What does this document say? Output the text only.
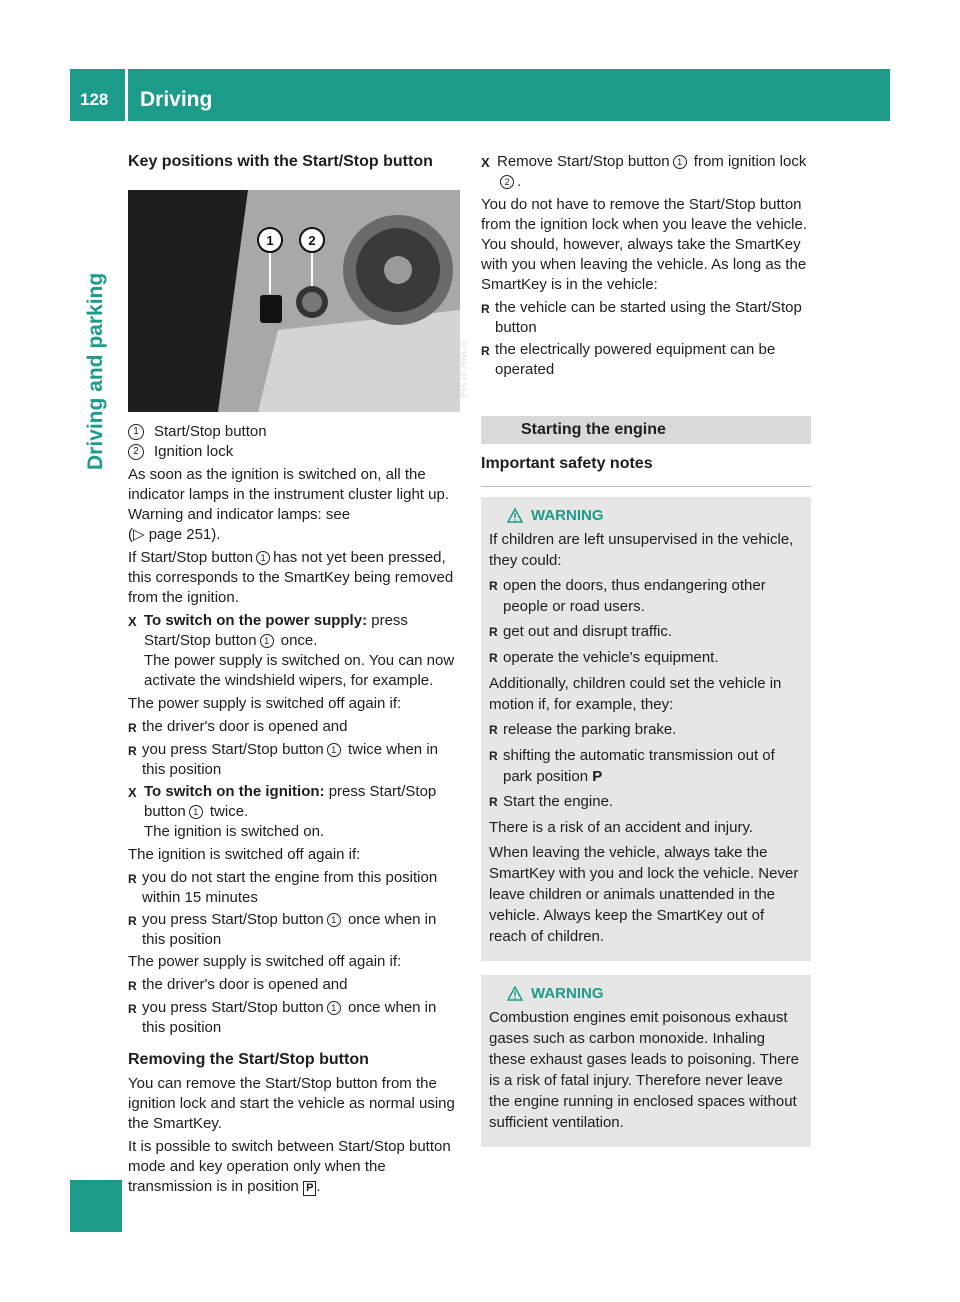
128 Driving
Driving and parking
Key positions with the Start/Stop button
1	2
P15.10-2886-31
1	Start/Stop button
2	Ignition lock

As soon as the ignition is switched on, all the indicator lamps in the instrument cluster light up. Warning and indicator lamps: see
(▷ page 251).

If Start/Stop button 1 has not yet been pressed, this corresponds to the SmartKey being removed from the ignition.

X To switch on the power supply: press Start/Stop button 1 once.
The power supply is switched on. You can now activate the windshield wipers, for example.

The power supply is switched off again if:

R the driver's door is opened and
R you press Start/Stop button 1 twice when in this position
X To switch on the ignition: press Start/Stop button 1 twice.
The ignition is switched on.

The ignition is switched off again if:

R you do not start the engine from this position within 15 minutes
R you press Start/Stop button 1 once when in this position

The power supply is switched off again if:

R the driver's door is opened and
R you press Start/Stop button 1 once when in this position
Removing the Start/Stop button

You can remove the Start/Stop button from the ignition lock and start the vehicle as normal using the SmartKey.

It is possible to switch between Start/Stop button mode and key operation only when the transmission is in position P .

X Remove Start/Stop button 1 from ignition lock2 .

You do not have to remove the Start/Stop button from the ignition lock when you leave the vehicle. You should, however, always take the SmartKey with you when leaving the vehicle. As long as the SmartKey is in the vehicle:

R the vehicle can be started using the Start/Stop button
R the electrically powered equipment can be operated
Starting the engine
Important safety notes
WARNING

If children are left unsupervised in the vehicle, they could:

R open the doors, thus endangering other people or road users.
R get out and disrupt traffic.
R operate the vehicle's equipment.

Additionally, children could set the vehicle in motion if, for example, they:

R release the parking brake.
R shifting the automatic transmission out of park position P
R Start the engine.

There is a risk of an accident and injury.

When leaving the vehicle, always take the SmartKey with you and lock the vehicle. Never leave children or animals unattended in the vehicle. Always keep the SmartKey out of reach of children.

WARNING

Combustion engines emit poisonous exhaust gases such as carbon monoxide. Inhaling these exhaust gases leads to poisoning. There is a risk of fatal injury. Therefore never leave the engine running in enclosed spaces without sufficient ventilation.
